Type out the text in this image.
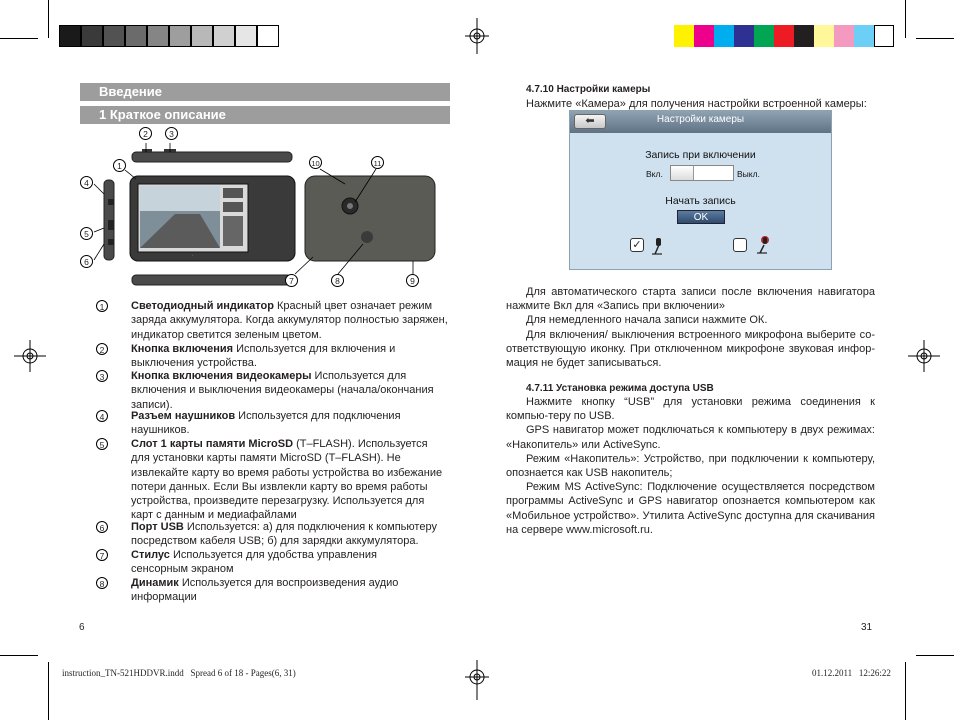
Введение
1 Краткое описание
.
2	3
1
4
5
6
10	11
7	8	9
1	Светодиодный индикатор Красный цвет означает режим заряда аккумулятора. Когда аккумулятор полностью заряжен, индикатор светится зеленым цветом.
2	Кнопка включения Используется для включения и выключения устройства.
3	Кнопка включения видеокамеры Используется для включения и выключения видеокамеры (начала/окончания записи).
4	Разъем наушников Используется для подключения наушников.
5	Слот 1 карты памяти MicroSD (T–FLASH). Используется для установки карты памяти MicroSD (T–FLASH). Не извлекайте карту во время работы устройства во избежание потери данных. Если Вы извлекли карту во время работы устройства, произведите перезагрузку. Используется для карт с данным и медиафайлами
6	Порт USB Используется: а) для подключения к компьютеру посредством кабеля USB; б) для зарядки аккумулятора.
7	Стилус Используется для удобства управления сенсорным экраном
8	Динамик Используется для воспроизведения аудио информации
6
4.7.10 Настройки камеры
Нажмите «Камера» для получения настройки встроенной камеры:
⬅	Настройки камеры
Запись при включении
Вкл.	Выкл.
Начать запись
OK
✓

Для автоматического старта записи после включения навигатора нажмите Вкл для «Запись при включении»

Для немедленного начала записи нажмите ОК.

Для включения/ выключения встроенного микрофона выберите со-ответствующую иконку. При отключенном микрофоне звуковая инфор-мация не будет записываться.

4.7.11 Установка режима доступа USB

Нажмите кнопку “USB” для установки режима соединения к компью-теру по USB.

GPS навигатор может подключаться к компьютеру в двух режимах: «Накопитель» или ActiveSync.

Режим «Накопитель»: Устройство, при подключении к компьютеру, опознается как USB накопитель;

Режим MS ActiveSync: Подключение осуществляется посредством программы ActiveSync и GPS навигатор опознается компьютером как «Мобильное устройство». Утилита ActiveSync доступна для скачивания на сервере www.microsoft.ru.

31
instruction_TN-521HDDVR.indd   Spread 6 of 18 - Pages(6, 31)	01.12.2011   12:26:22
